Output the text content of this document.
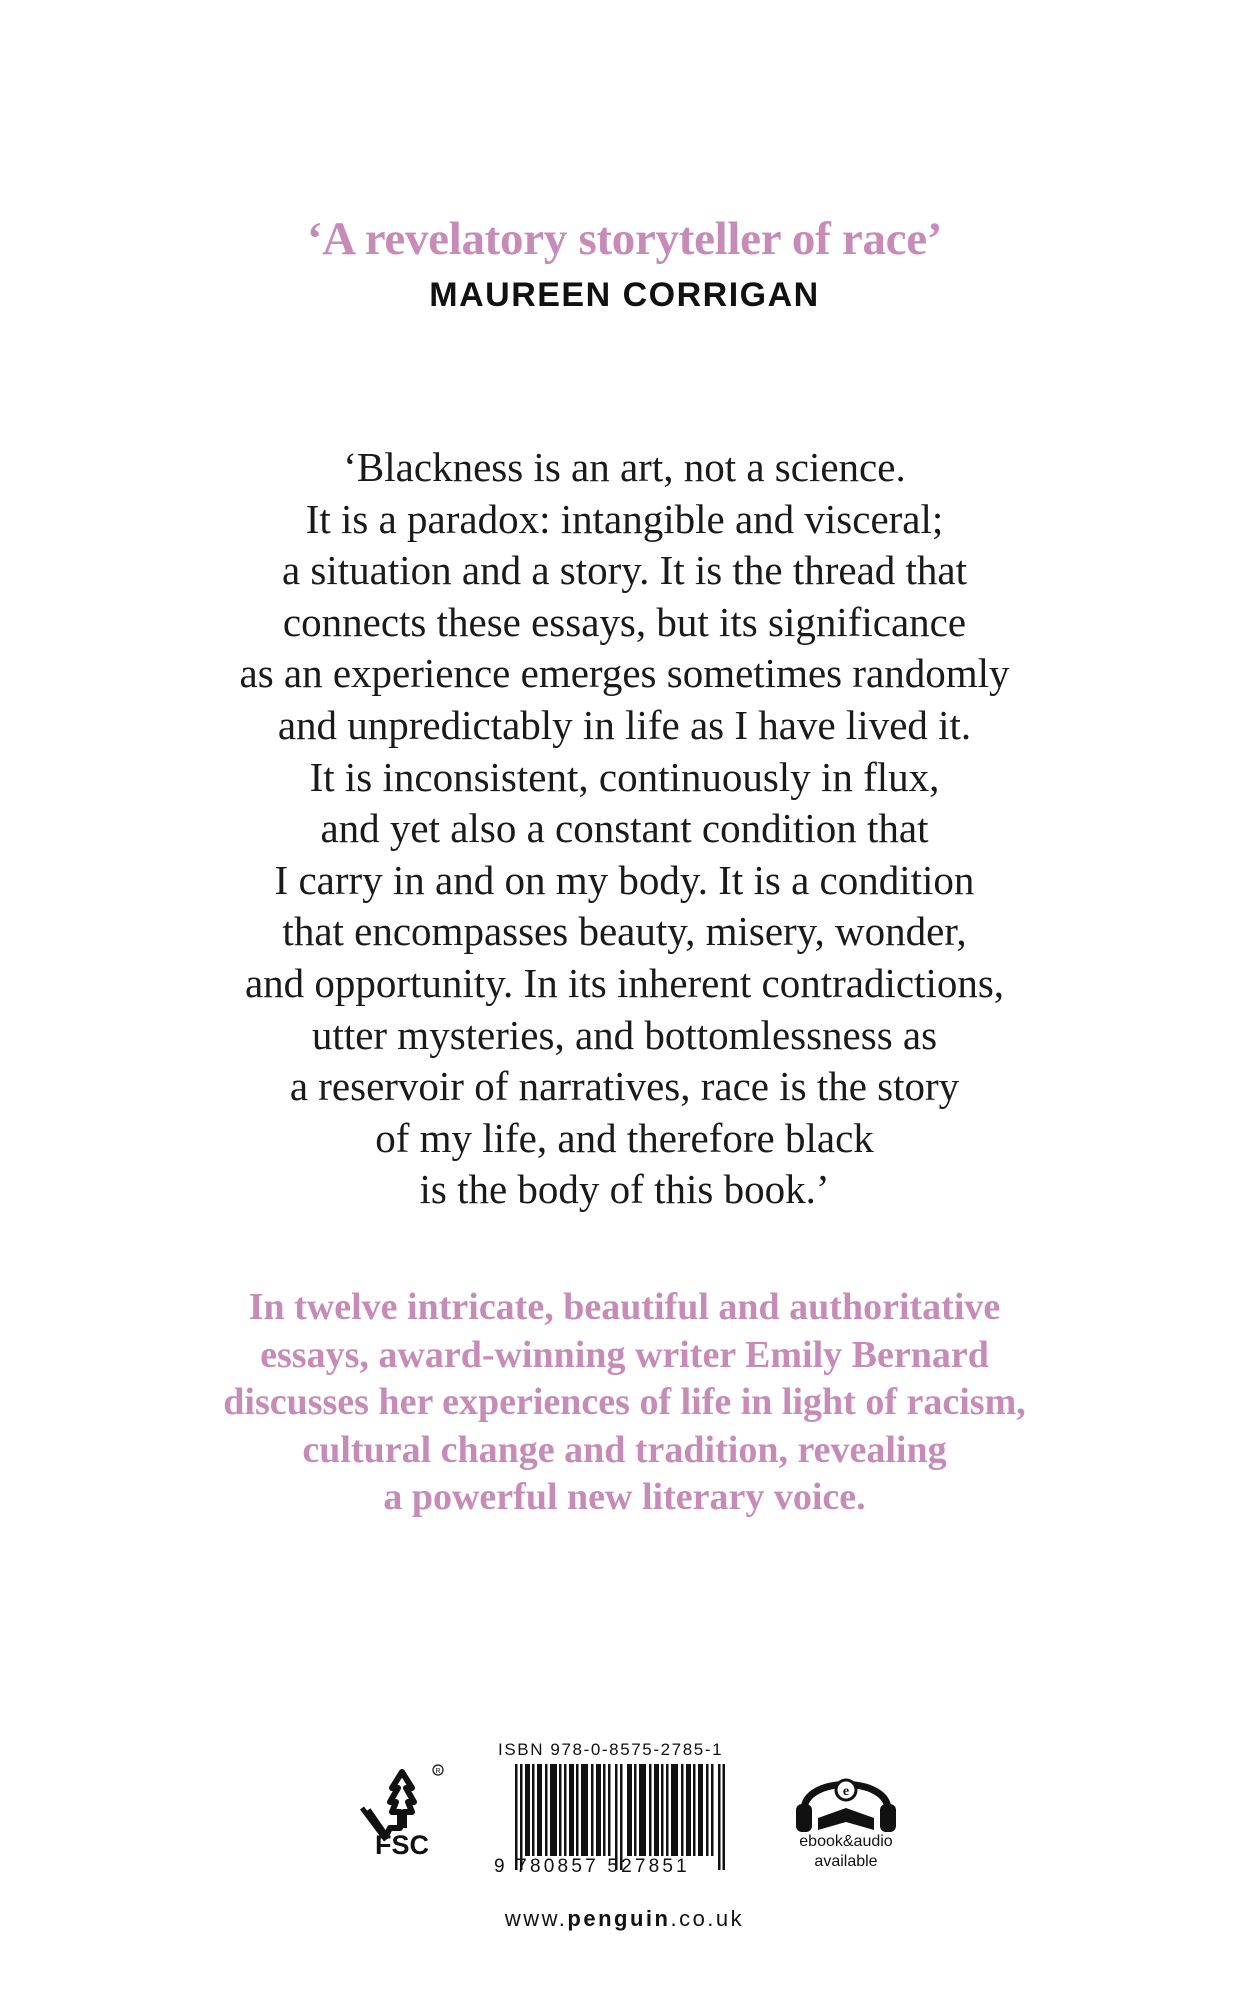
‘A revelatory storyteller of race’
MAUREEN CORRIGAN
‘Blackness is an art, not a science.
It is a paradox: intangible and visceral;
a situation and a story. It is the thread that
connects these essays, but its significance
as an experience emerges sometimes randomly
and unpredictably in life as I have lived it.
It is inconsistent, continuously in flux,
and yet also a constant condition that
I carry in and on my body. It is a condition
that encompasses beauty, misery, wonder,
and opportunity. In its inherent contradictions,
utter mysteries, and bottomlessness as
a reservoir of narratives, race is the story
of my life, and therefore black
is the body of this book.’
In twelve intricate, beautiful and authoritative
essays, award-winning writer Emily Bernard
discusses her experiences of life in light of racism,
cultural change and tradition, revealing
a powerful new literary voice.
R
FSC
ISBN 978-0-8575-2785-1
9 780857 527851
e
ebook&audio
available
www.penguin.co.uk
